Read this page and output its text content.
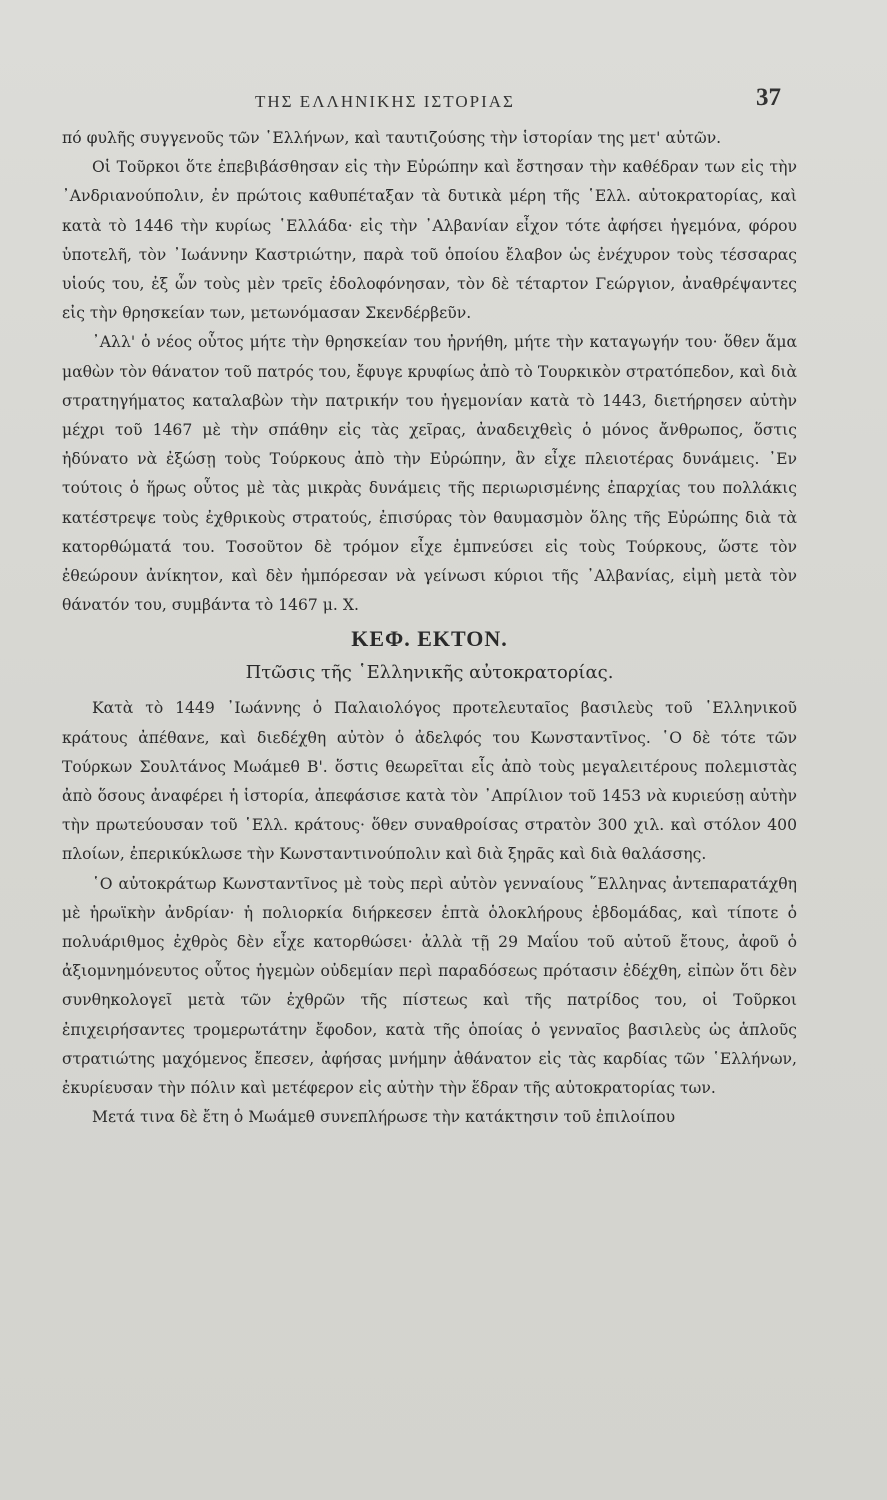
ΤΗΣ ΕΛΛΗΝΙΚΗΣ ΙΣΤΟΡΙΑΣ	37

πό φυλῆς συγγενοῦς τῶν ῾Ελλήνων, καὶ ταυτιζούσης τὴν ἱστορίαν της μετ' αὐτῶν.

Οἱ Τοῦρκοι ὅτε ἐπεβιβάσθησαν εἰς τὴν Εὐρώπην καὶ ἔστησαν τὴν καθέδραν των εἰς τὴν ᾿Ανδριανούπολιν, ἐν πρώτοις καθυπέταξαν τὰ δυτικὰ μέρη τῆς ῾Ελλ. αὐτοκρατορίας, καὶ κατὰ τὸ 1446 τὴν κυρίως ῾Ελλάδα· εἰς τὴν ᾿Αλβανίαν εἶχον τότε ἀφήσει ἡγεμόνα, φόρου ὑποτελῆ, τὸν ᾿Ιωάννην Καστριώτην, παρὰ τοῦ ὁποίου ἔλαβον ὡς ἐνέχυρον τοὺς τέσσαρας υἱούς του, ἐξ ὧν τοὺς μὲν τρεῖς ἐδολοφόνησαν, τὸν δὲ τέταρτον Γεώργιον, ἀναθρέψαντες εἰς τὴν θρησκείαν των, μετωνόμασαν Σκενδέρβεῦν.

᾿Αλλ' ὁ νέος οὗτος μήτε τὴν θρησκείαν του ἠρνήθη, μήτε τὴν καταγωγήν του· ὅθεν ἅμα μαθὼν τὸν θάνατον τοῦ πατρός του, ἔφυγε κρυφίως ἀπὸ τὸ Τουρκικὸν στρατόπεδον, καὶ διὰ στρατηγήματος καταλαβὼν τὴν πατρικήν του ἡγεμονίαν κατὰ τὸ 1443, διετήρησεν αὐτὴν μέχρι τοῦ 1467 μὲ τὴν σπάθην εἰς τὰς χεῖρας, ἀναδειχθεὶς ὁ μόνος ἄνθρωπος, ὅστις ἠδύνατο νὰ ἐξώσῃ τοὺς Τούρκους ἀπὸ τὴν Εὐρώπην, ἂν εἶχε πλειοτέρας δυνάμεις. ᾿Εν τούτοις ὁ ἥρως οὗτος μὲ τὰς μικρὰς δυνάμεις τῆς περιωρισμένης ἐπαρχίας του πολλάκις κατέστρεψε τοὺς ἐχθρικοὺς στρατούς, ἐπισύρας τὸν θαυμασμὸν ὅλης τῆς Εὐρώπης διὰ τὰ κατορθώματά του. Τοσοῦτον δὲ τρόμον εἶχε ἐμπνεύσει εἰς τοὺς Τούρκους, ὥστε τὸν ἐθεώρουν ἀνίκητον, καὶ δὲν ἠμπόρεσαν νὰ γείνωσι κύριοι τῆς ᾿Αλβανίας, εἰμὴ μετὰ τὸν θάνατόν του, συμβάντα τὸ 1467 μ. Χ.

ΚΕΦ. ΕΚΤΟΝ.
Πτῶσις τῆς ῾Ελληνικῆς αὐτοκρατορίας.

Κατὰ τὸ 1449 ᾿Ιωάννης ὁ Παλαιολόγος προτελευταῖος βασιλεὺς τοῦ ῾Ελληνικοῦ κράτους ἀπέθανε, καὶ διεδέχθη αὐτὸν ὁ ἀδελφός του Κωνσταντῖνος. ῾Ο δὲ τότε τῶν Τούρκων Σουλτάνος Μωάμεθ Β'. ὅστις θεωρεῖται εἷς ἀπὸ τοὺς μεγαλειτέρους πολεμιστὰς ἀπὸ ὅσους ἀναφέρει ἡ ἱστορία, ἀπεφάσισε κατὰ τὸν ᾿Απρίλιον τοῦ 1453 νὰ κυριεύσῃ αὐτὴν τὴν πρωτεύουσαν τοῦ ῾Ελλ. κράτους· ὅθεν συναθροίσας στρατὸν 300 χιλ. καὶ στόλον 400 πλοίων, ἐπερικύκλωσε τὴν Κωνσταντινούπολιν καὶ διὰ ξηρᾶς καὶ διὰ θαλάσσης.

῾Ο αὐτοκράτωρ Κωνσταντῖνος μὲ τοὺς περὶ αὐτὸν γενναίους ῞Ελληνας ἀντεπαρατάχθη μὲ ἡρωϊκὴν ἀνδρίαν· ἡ πολιορκία διήρκεσεν ἑπτὰ ὁλοκλήρους ἑβδομάδας, καὶ τίποτε ὁ πολυάριθμος ἐχθρὸς δὲν εἶχε κατορθώσει· ἀλλὰ τῇ 29 Μαΐου τοῦ αὐτοῦ ἔτους, ἀφοῦ ὁ ἀξιομνημόνευτος οὗτος ἡγεμὼν οὐδεμίαν περὶ παραδόσεως πρότασιν ἐδέχθη, εἰπὼν ὅτι δὲν συνθηκολογεῖ μετὰ τῶν ἐχθρῶν τῆς πίστεως καὶ τῆς πατρίδος του, οἱ Τοῦρκοι ἐπιχειρήσαντες τρομερωτάτην ἔφοδον, κατὰ τῆς ὁποίας ὁ γενναῖος βασιλεὺς ὡς ἁπλοῦς στρατιώτης μαχόμενος ἔπεσεν, ἀφήσας μνήμην ἀθάνατον εἰς τὰς καρδίας τῶν ῾Ελλήνων, ἐκυρίευσαν τὴν πόλιν καὶ μετέφερον εἰς αὐτὴν τὴν ἕδραν τῆς αὐτοκρατορίας των.

Μετά τινα δὲ ἔτη ὁ Μωάμεθ συνεπλήρωσε τὴν κατάκτησιν τοῦ ἐπιλοίπου
